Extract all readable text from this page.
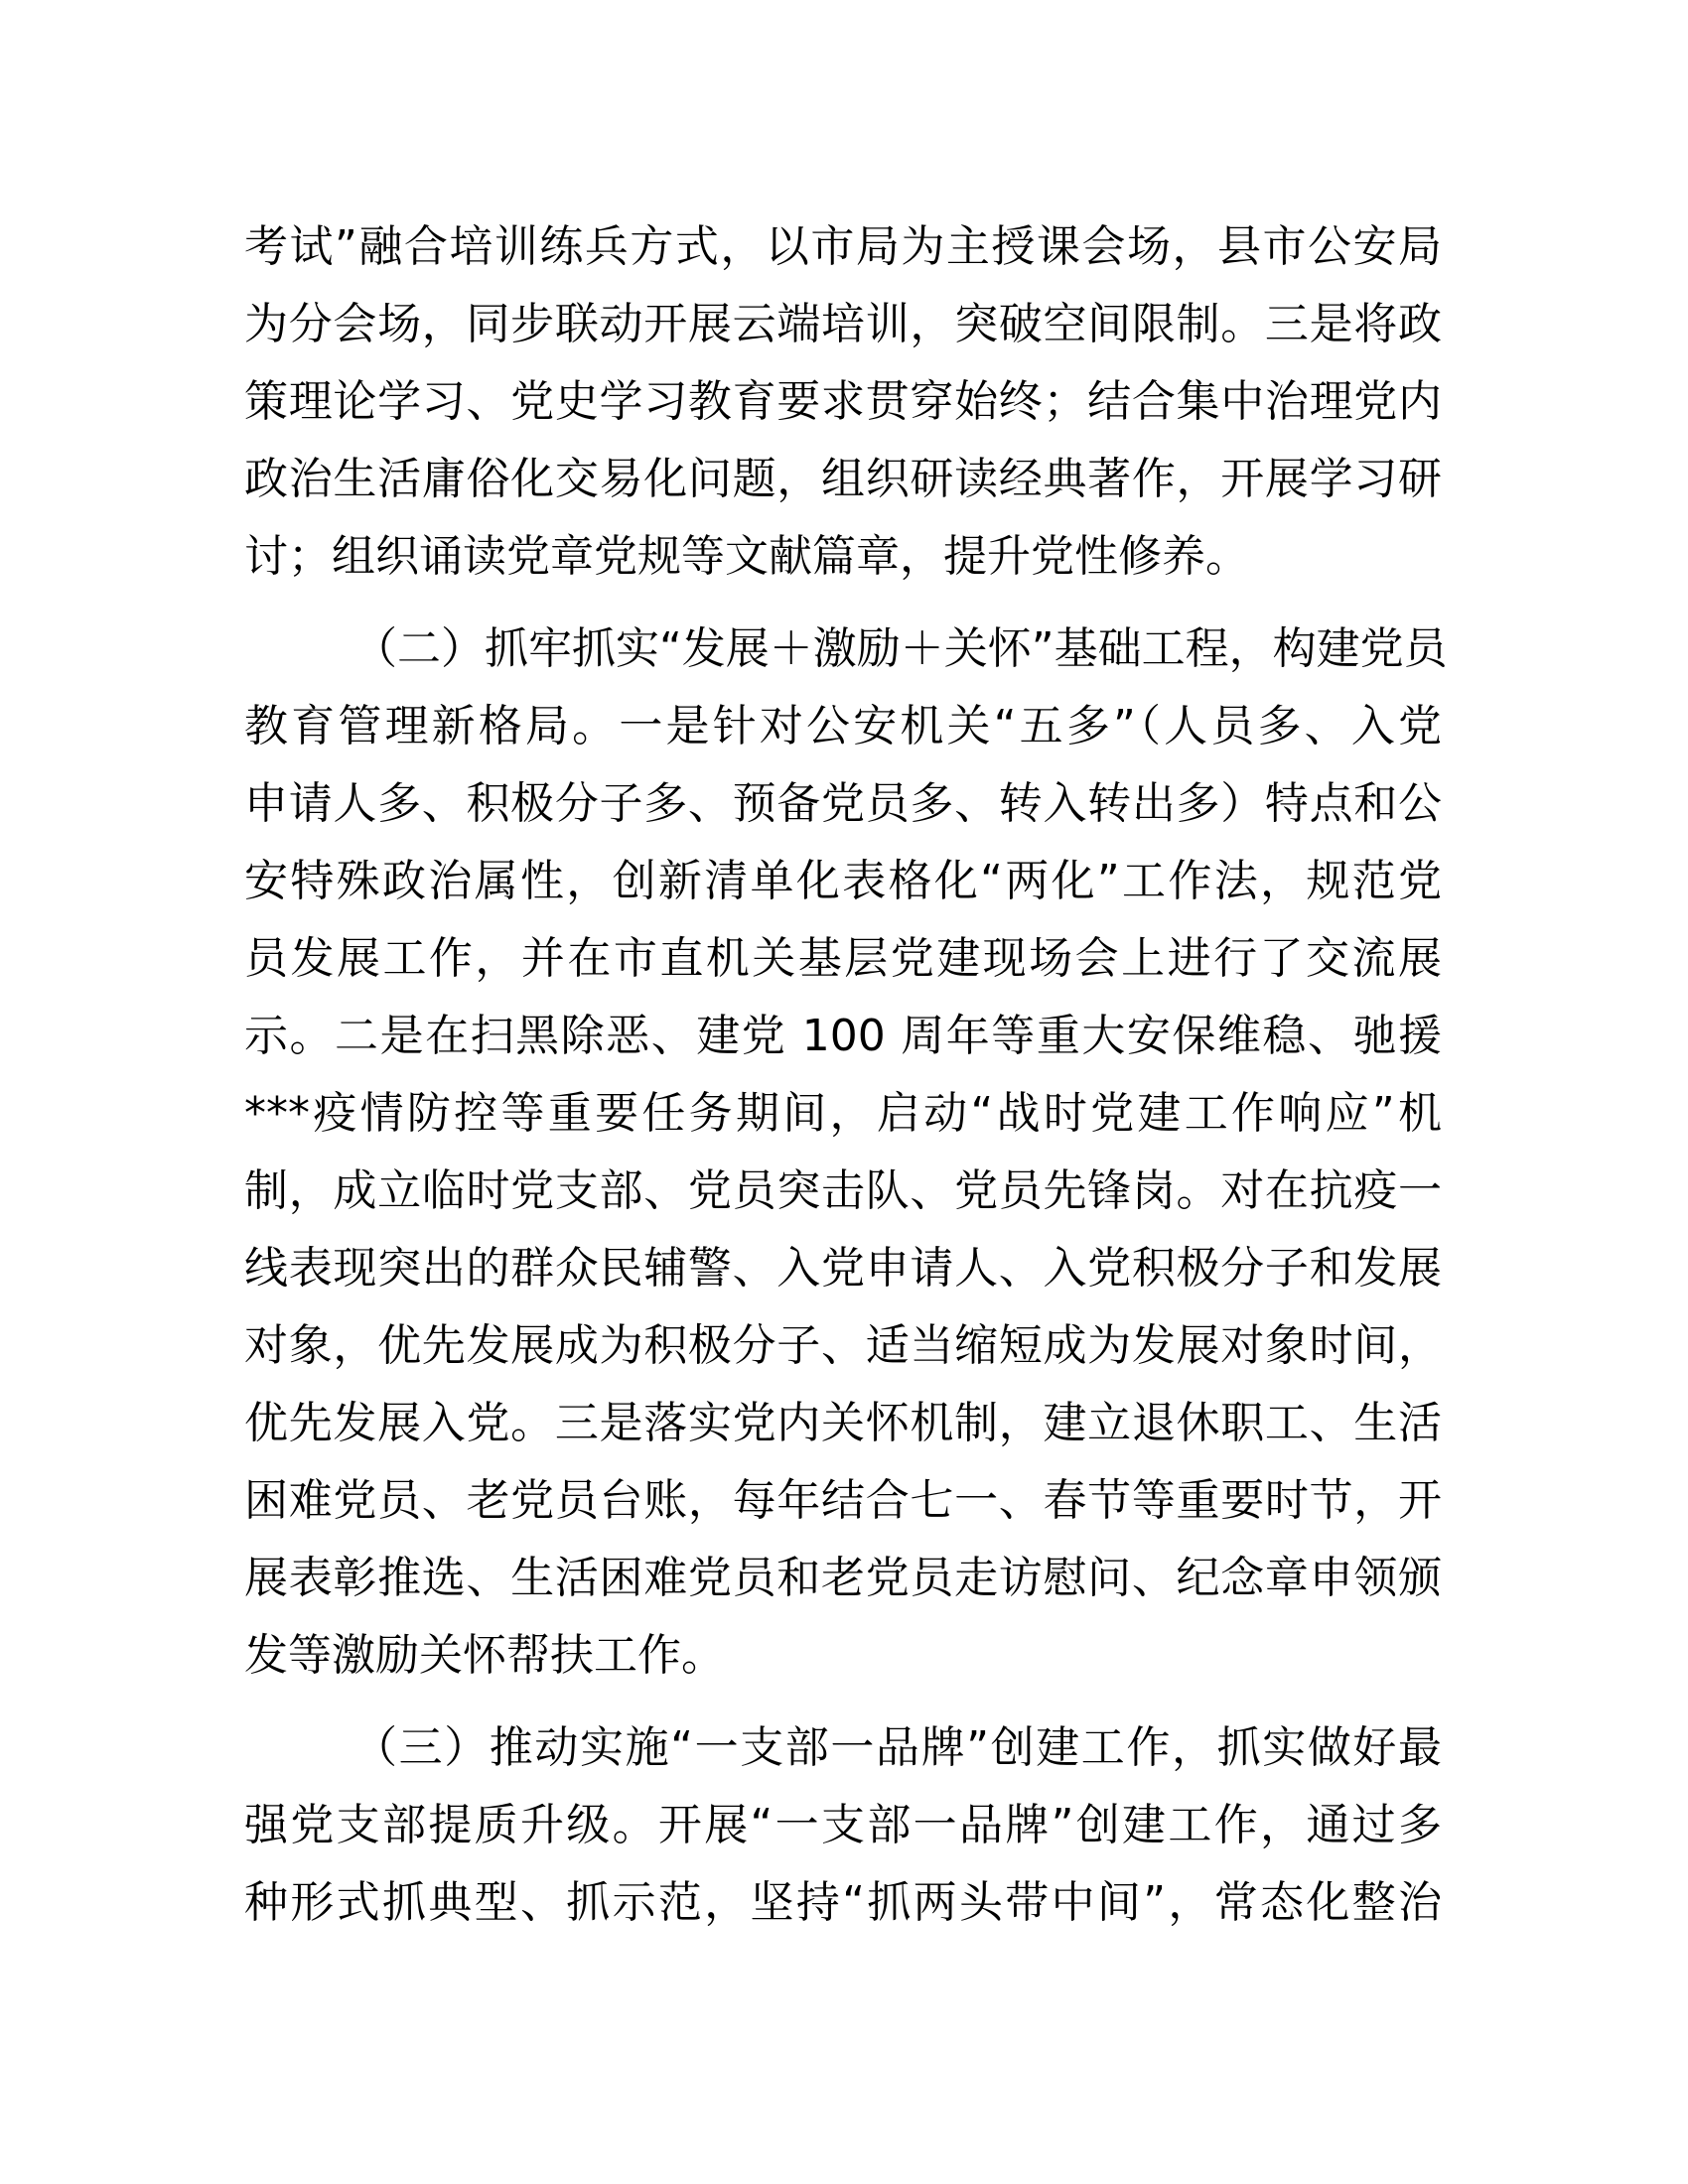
考试”融合培训练兵方式，以市局为主授课会场，县市公安局
为分会场，同步联动开展云端培训，突破空间限制。三是将政
策理论学习、党史学习教育要求贯穿始终；结合集中治理党内
政治生活庸俗化交易化问题，组织研读经典著作，开展学习研
讨；组织诵读党章党规等文献篇章，提升党性修养。
（二）抓牢抓实“发展＋激励＋关怀”基础工程，构建党员
教育管理新格局。一是针对公安机关“五多”（人员多、入党
申请人多、积极分子多、预备党员多、转入转出多）特点和公
安特殊政治属性，创新清单化表格化“两化”工作法，规范党
员发展工作，并在市直机关基层党建现场会上进行了交流展
示。二是在扫黑除恶、建党 100 周年等重大安保维稳、驰援
***疫情防控等重要任务期间，启动“战时党建工作响应”机
制，成立临时党支部、党员突击队、党员先锋岗。对在抗疫一
线表现突出的群众民辅警、入党申请人、入党积极分子和发展
对象，优先发展成为积极分子、适当缩短成为发展对象时间，
优先发展入党。三是落实党内关怀机制，建立退休职工、生活
困难党员、老党员台账，每年结合七一、春节等重要时节，开
展表彰推选、生活困难党员和老党员走访慰问、纪念章申领颁
发等激励关怀帮扶工作。
（三）推动实施“一支部一品牌”创建工作，抓实做好最
强党支部提质升级。开展“一支部一品牌”创建工作，通过多
种形式抓典型、抓示范，坚持“抓两头带中间”，常态化整治
